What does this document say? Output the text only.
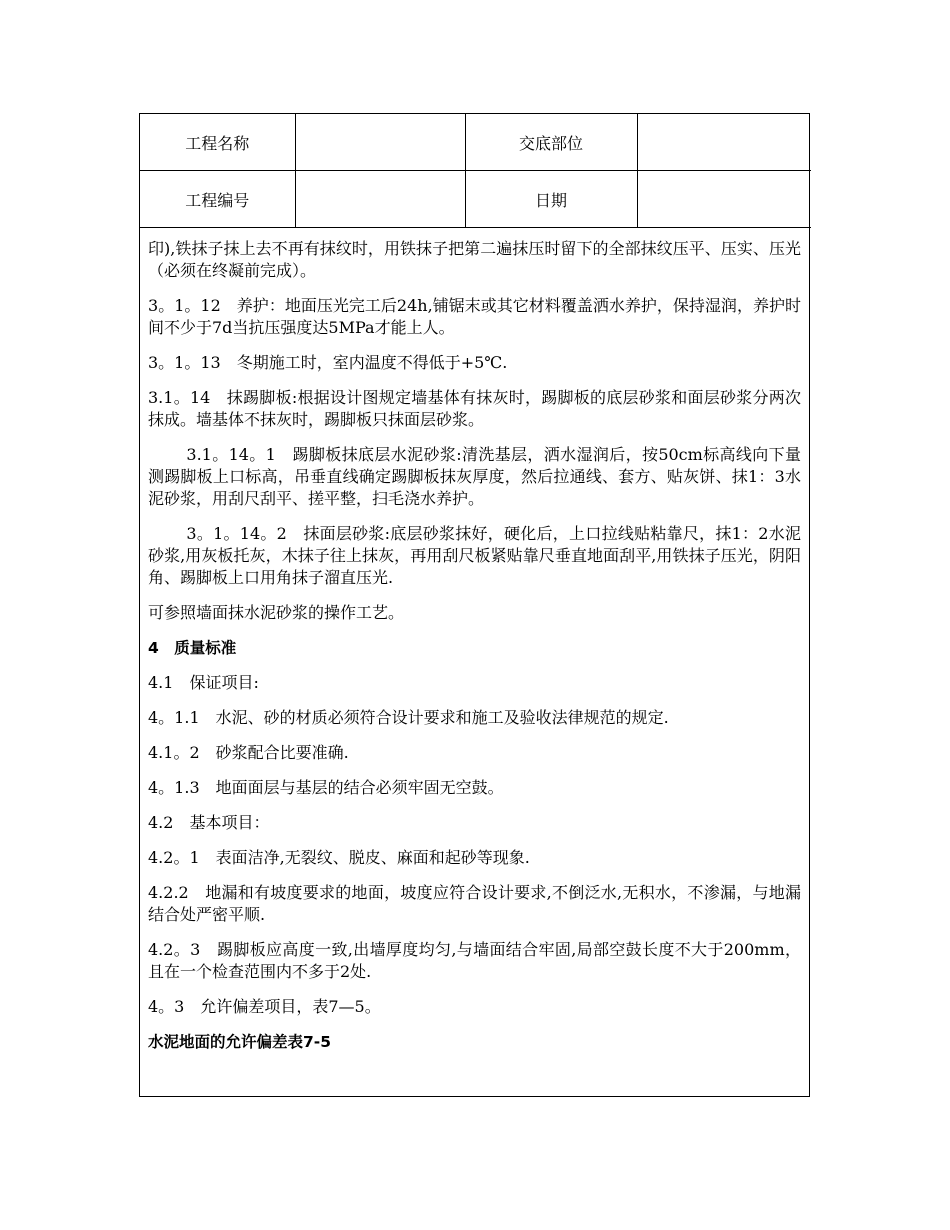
工程名称		交底部位	
工程编号		日期	

印),铁抹子抹上去不再有抹纹时，用铁抹子把第二遍抹压时留下的全部抹纹压平、压实、压光（必须在终凝前完成）。

3。1。12　养护：地面压光完工后24h,铺锯末或其它材料覆盖洒水养护，保持湿润，养护时间不少于7d当抗压强度达5MPa才能上人。

3。1。13　冬期施工时，室内温度不得低于+5℃.

3.1。14　抹踢脚板:根据设计图规定墙基体有抹灰时，踢脚板的底层砂浆和面层砂浆分两次抹成。墙基体不抹灰时，踢脚板只抹面层砂浆。

3.1。14。1　踢脚板抹底层水泥砂浆:清洗基层，洒水湿润后，按50cm标高线向下量测踢脚板上口标高，吊垂直线确定踢脚板抹灰厚度，然后拉通线、套方、贴灰饼、抹1：3水泥砂浆，用刮尺刮平、搓平整，扫毛浇水养护。

3。1。14。2　抹面层砂浆:底层砂浆抹好，硬化后，上口拉线贴粘靠尺，抹1：2水泥砂浆,用灰板托灰，木抹子往上抹灰，再用刮尺板紧贴靠尺垂直地面刮平,用铁抹子压光，阴阳角、踢脚板上口用角抹子溜直压光.

可参照墙面抹水泥砂浆的操作工艺。

4　质量标准

4.1　保证项目:

4。1.1　水泥、砂的材质必须符合设计要求和施工及验收法律规范的规定.

4.1。2　砂浆配合比要准确.

4。1.3　地面面层与基层的结合必须牢固无空鼓。

4.2　基本项目：

4.2。1　表面洁净,无裂纹、脱皮、麻面和起砂等现象.

4.2.2　地漏和有坡度要求的地面，坡度应符合设计要求,不倒泛水,无积水，不渗漏，与地漏结合处严密平顺.

4.2。3　踢脚板应高度一致,出墙厚度均匀,与墙面结合牢固,局部空鼓长度不大于200mm，且在一个检查范围内不多于2处.

4。3　允许偏差项目，表7—5。

水泥地面的允许偏差表7-5
